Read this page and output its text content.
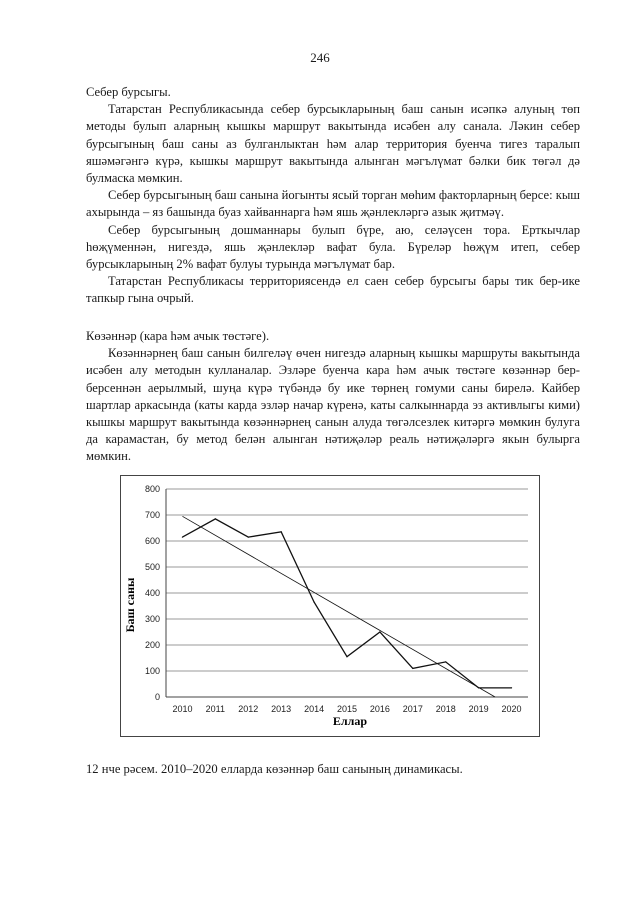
246

Себер бурсыгы.

Татарстан Республикасында себер бурсыкларының баш санын исәпкә алуның төп методы булып аларның кышкы маршрут вакытында исәбен алу санала. Ләкин себер бурсыгының баш саны аз булганлыктан һәм алар территория буенча тигез таралып яшәмәгәнгә күрә, кышкы маршрут вакытында алынган мәгълүмат бәлки бик төгәл дә булмаска мөмкин.

Себер бурсыгының баш санына йогынты ясый торган мөһим факторларның берсе: кыш ахырында – яз башында буаз хайваннарга һәм яшь җәнлекләргә азык җитмәү.

Себер бурсыгының дошманнары булып бүре, аю, селәүсен тора. Ерткычлар һөҗүменнән, нигездә, яшь җәнлекләр вафат була. Бүреләр һөҗүм итеп, себер бурсыкларының 2% вафат булуы турында мәгълүмат бар.

Татарстан Республикасы территориясендә ел саен себер бурсыгы бары тик бер-ике тапкыр гына очрый.

Көзәннәр (кара һәм ачык төстәге).

Көзәннәрнең баш санын билгеләү өчен нигездә аларның кышкы маршруты вакытында исәбен алу методын кулланалар. Эзләре буенча кара һәм ачык төстәге көзәннәр бер-берсеннән аерылмый, шуңа күрә түбәндә бу ике төрнең гомуми саны бирелә. Кайбер шартлар аркасында (каты карда эзләр начар күренә, каты салкыннарда эз активлыгы кими) кышкы маршрут вакытында көзәннәрнең санын алуда төгәлсезлек китәргә мөмкин булуга да карамастан, бу метод белән алынган нәтиҗәләр реаль нәтиҗәләргә якын булырга мөмкин.

0
100
200
300
400
500
600
700
800
2010 2011 2012 2013 2014 2015 2016 2017 2018 2019 2020
Баш саны
Еллар
12 нче рәсем. 2010–2020 елларда көзәннәр баш санының динамикасы.
